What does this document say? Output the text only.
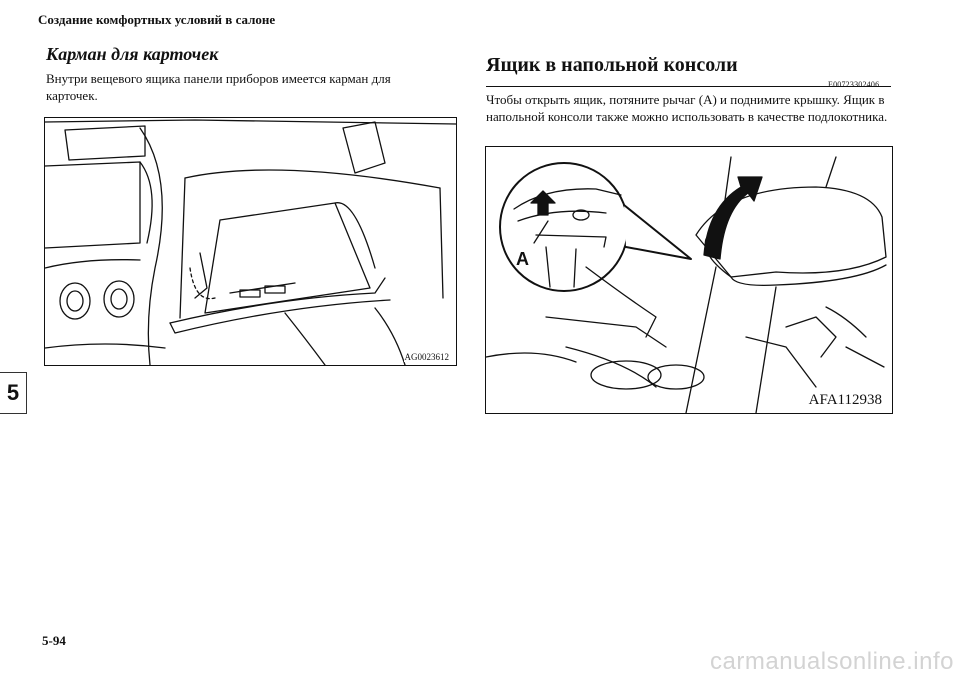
Создание комфортных условий в салоне
Карман для карточек
Внутри вещевого ящика панели приборов имеется карман для карточек.
AG0023612
Ящик в напольной консоли
E00723302406
Чтобы открыть ящик, потяните рычаг (A) и поднимите крышку. Ящик в напольной консоли также можно использовать в качестве подлокотника.
A
AFA112938
5
5-94
carmanualsonline.info
